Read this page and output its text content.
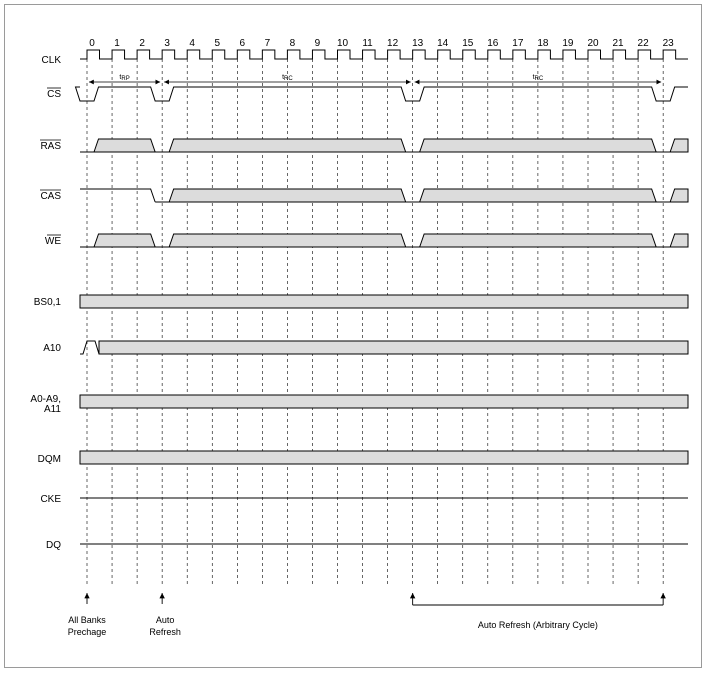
0 1 2 3 4 5 6 7 8 9 10 11 12 13 14 15 16 17 18 19 20 21 22 23
CLK
CS
RAS
CAS
WE
BS0,1
A10
A0-A9,
A11
DQM
CKE
DQ
tRP	tRC	tRC
All Banks
Prechage
Auto
Refresh
Auto Refresh (Arbitrary Cycle)
